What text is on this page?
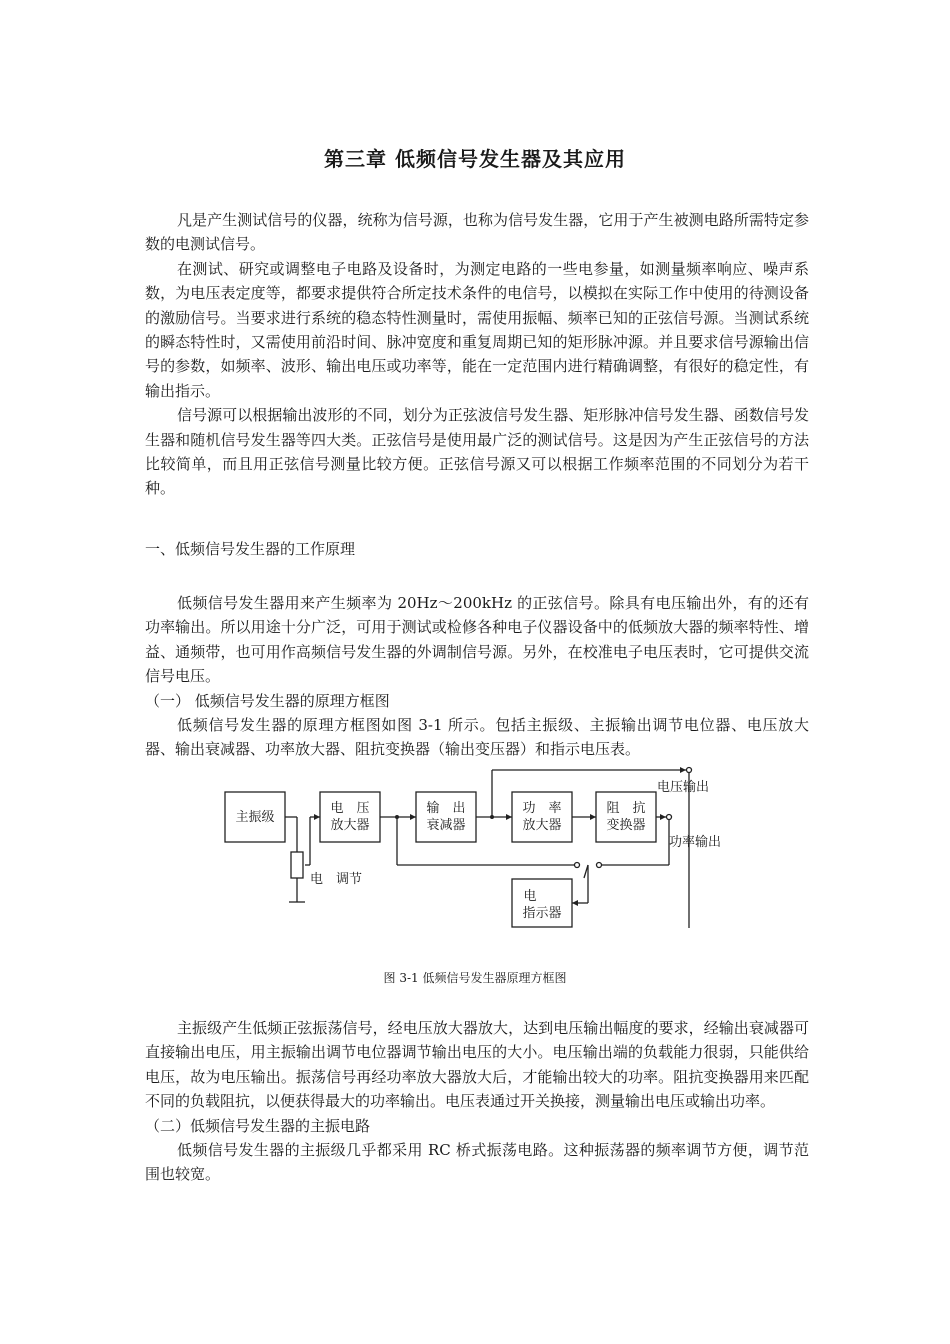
第三章 低频信号发生器及其应用

凡是产生测试信号的仪器，统称为信号源，也称为信号发生器，它用于产生被测电路所需特定参数的电测试信号。

在测试、研究或调整电子电路及设备时，为测定电路的一些电参量，如测量频率响应、噪声系数，为电压表定度等，都要求提供符合所定技术条件的电信号，以模拟在实际工作中使用的待测设备的激励信号。当要求进行系统的稳态特性测量时，需使用振幅、频率已知的正弦信号源。当测试系统的瞬态特性时，又需使用前沿时间、脉冲宽度和重复周期已知的矩形脉冲源。并且要求信号源输出信号的参数，如频率、波形、输出电压或功率等，能在一定范围内进行精确调整，有很好的稳定性，有输出指示。

信号源可以根据输出波形的不同，划分为正弦波信号发生器、矩形脉冲信号发生器、函数信号发生器和随机信号发生器等四大类。正弦信号是使用最广泛的测试信号。这是因为产生正弦信号的方法比较简单，而且用正弦信号测量比较方便。正弦信号源又可以根据工作频率范围的不同划分为若干种。

一、低频信号发生器的工作原理

低频信号发生器用来产生频率为 20Hz～200kHz 的正弦信号。除具有电压输出外，有的还有功率输出。所以用途十分广泛，可用于测试或检修各种电子仪器设备中的低频放大器的频率特性、增益、通频带，也可用作高频信号发生器的外调制信号源。另外，在校准电子电压表时，它可提供交流信号电压。

（一） 低频信号发生器的原理方框图

低频信号发生器的原理方框图如图 3-1 所示。包括主振级、主振输出调节电位器、电压放大器、输出衰减器、功率放大器、阻抗变换器（输出变压器）和指示电压表。

主振级
电　压
放大器
输　出
衰减器
功　率
放大器
阻　抗
变换器
电
指示器
电压输出
功率输出
电　调节
图 3-1 低频信号发生器原理方框图

主振级产生低频正弦振荡信号，经电压放大器放大，达到电压输出幅度的要求，经输出衰减器可直接输出电压，用主振输出调节电位器调节输出电压的大小。电压输出端的负载能力很弱，只能供给电压，故为电压输出。振荡信号再经功率放大器放大后，才能输出较大的功率。阻抗变换器用来匹配不同的负载阻抗，以便获得最大的功率输出。电压表通过开关换接，测量输出电压或输出功率。

（二）低频信号发生器的主振电路

低频信号发生器的主振级几乎都采用 RC 桥式振荡电路。这种振荡器的频率调节方便，调节范围也较宽。
